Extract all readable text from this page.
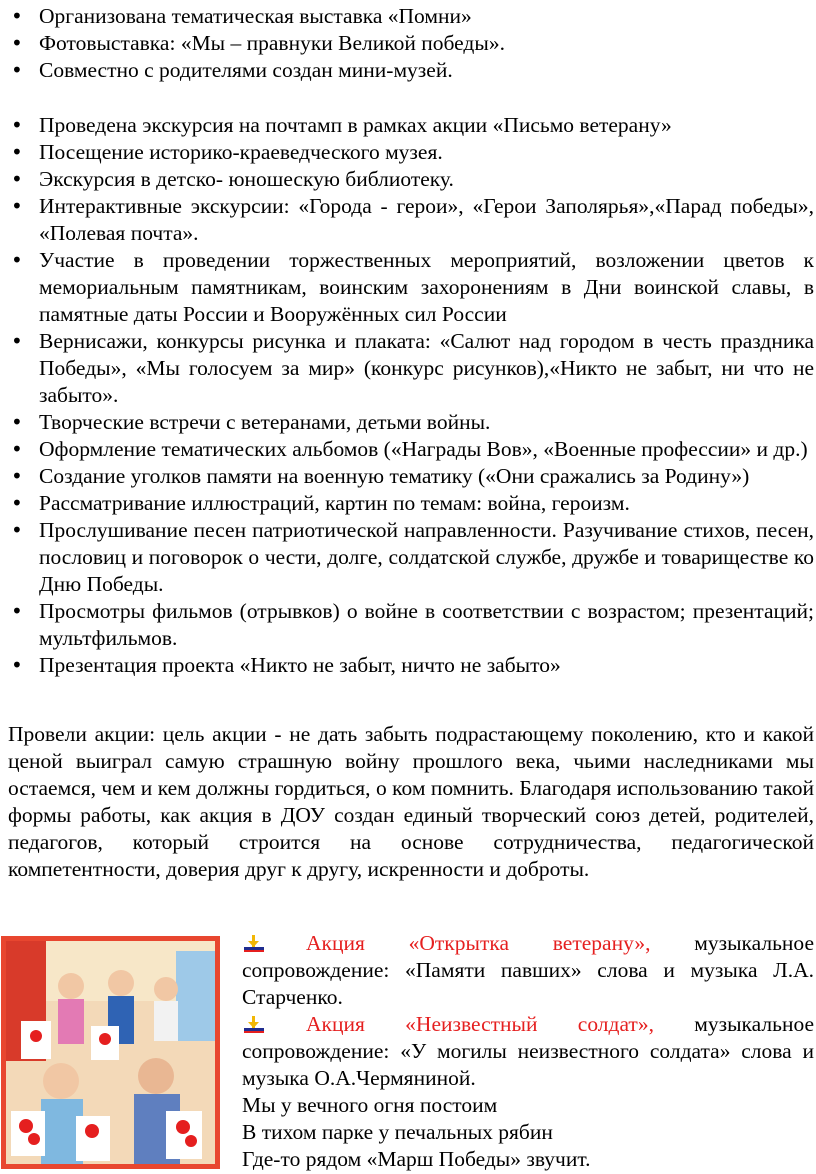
• Организована тематическая выставка «Помни»
• Фотовыставка: «Мы – правнуки Великой победы».
• Совместно с родителями создан мини-музей.
• Проведена экскурсия на почтамп в рамках акции «Письмо ветерану»
• Посещение историко-краеведческого музея.
• Экскурсия в детско- юношескую библиотеку.
• Интерактивные экскурсии: «Города - герои», «Герои Заполярья»,«Парад победы», «Полевая почта».
• Участие в проведении торжественных мероприятий, возложении цветов к мемориальным памятникам, воинским захоронениям в Дни воинской славы, в памятные даты России и Вооружённых сил России
• Вернисажи, конкурсы рисунка и плаката: «Салют над городом в честь праздника Победы», «Мы голосуем за мир» (конкурс рисунков),«Никто не забыт, ни что не забыто».
• Творческие встречи с ветеранами, детьми войны.
• Оформление тематических альбомов («Награды Вов», «Военные профессии» и др.)
• Создание уголков памяти на военную тематику («Они сражались за Родину»)
• Рассматривание иллюстраций, картин по темам: война, героизм.
• Прослушивание песен патриотической направленности. Разучивание стихов, песен, пословиц и поговорок о чести, долге, солдатской службе, дружбе и товариществе ко Дню Победы.
• Просмотры фильмов (отрывков) о войне в соответствии с возрастом; презентаций; мультфильмов.
• Презентация проекта «Никто не забыт, ничто не забыто»
Провели акции: цель акции - не дать забыть подрастающему поколению, кто и какой ценой выиграл самую страшную войну прошлого века, чьими наследниками мы остаемся, чем и кем должны гордиться, о ком помнить. Благодаря использованию такой формы работы, как акция в ДОУ создан единый творческий союз детей, родителей, педагогов, который строится на основе сотрудничества, педагогической компетентности, доверия друг к другу, искренности и доброты.

Акция «Открытка ветерану», музыкальное сопровождение: «Памяти павших» слова и музыка Л.А. Старченко.

Акция «Неизвестный солдат», музыкальное сопровождение: «У могилы неизвестного солдата» слова и музыка О.А.Чермяниной.

Мы у вечного огня постоим

В тихом парке у печальных рябин

Где-то рядом «Марш Победы» звучит.
